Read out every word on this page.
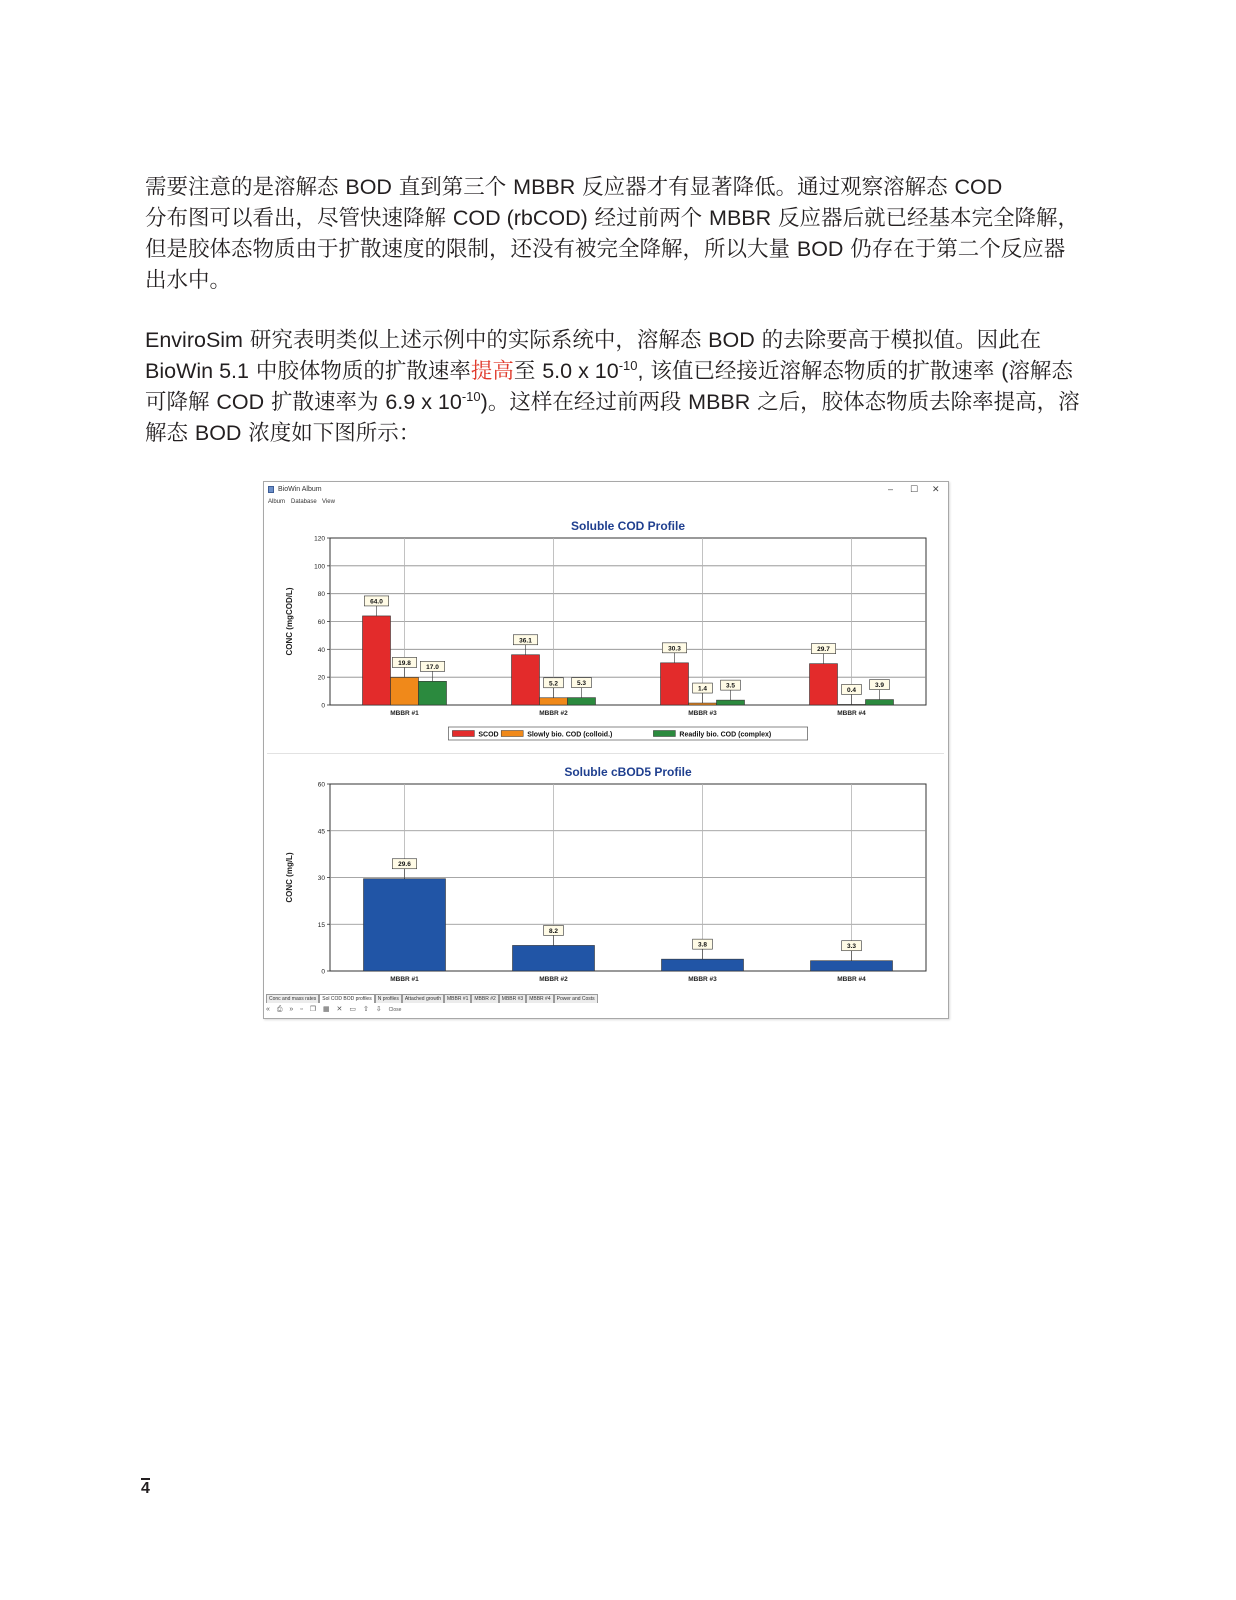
需要注意的是溶解态 BOD 直到第三个 MBBR 反应器才有显著降低。通过观察溶解态 COD
分布图可以看出，尽管快速降解 COD (rbCOD) 经过前两个 MBBR 反应器后就已经基本完全降解，但是胶体态物质由于扩散速度的限制，还没有被完全降解，所以大量 BOD 仍存在于第二个反应器出水中。
EnviroSim 研究表明类似上述示例中的实际系统中，溶解态 BOD 的去除要高于模拟值。因此在 BioWin 5.1 中胶体物质的扩散速率提高至 5.0 x $10^{-10}$, 该值已经接近溶解态物质的扩散速率 (溶解态可降解 COD 扩散速率为 6.9 x $10^{-10}$)。这样在经过前两段 MBBR 之后，胶体态物质去除率提高，溶解态 BOD 浓度如下图所示：
BioWin Album	– ☐ ✕
Album Database View
Soluble COD Profile
CONC (mgCOD/L)
0
20
40
60
80
100
120
MBBR #1	MBBR #2	MBBR #3	MBBR #4
64.0
36.1
30.3	29.7
19.8
5.2
1.4	0.4
17.0
5.3	3.5	3.9
SCOD	Slowly bio. COD (colloid.)	Readily bio. COD (complex)
Soluble cBOD5 Profile
CONC (mg/L)
0
15
30
45
60
MBBR #1	MBBR #2	MBBR #3	MBBR #4
29.6
8.2
3.8	3.3
Conc and mass rates Sol COD BOD profiles N profiles Attached growth MBBR #1 MBBR #2 MBBR #3 MBBR #4 Power and Costs
« ⎙ » ▫ ❐ ▦ ✕ ▭ ⇧ ⇩ Close
4
